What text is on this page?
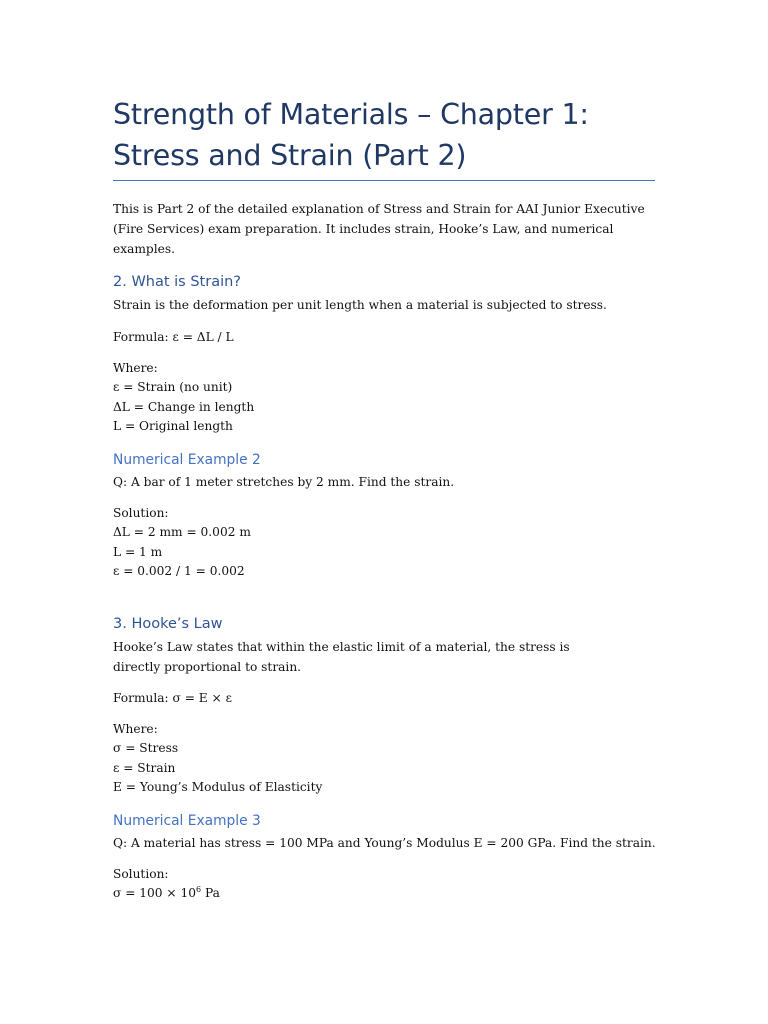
Strength of Materials – Chapter 1: Stress and Strain (Part 2)

This is Part 2 of the detailed explanation of Stress and Strain for AAI Junior Executive (Fire Services) exam preparation. It includes strain, Hooke’s Law, and numerical examples.

2. What is Strain?

Strain is the deformation per unit length when a material is subjected to stress.

Formula: ε = ΔL / L

Where:
ε = Strain (no unit)
ΔL = Change in length
L = Original length
Numerical Example 2

Q: A bar of 1 meter stretches by 2 mm. Find the strain.

Solution:
ΔL = 2 mm = 0.002 m
L = 1 m
ε = 0.002 / 1 = 0.002
3. Hooke’s Law

Hooke’s Law states that within the elastic limit of a material, the stress is directly proportional to strain.

Formula: σ = E × ε

Where:
σ = Stress
ε = Strain
E = Young’s Modulus of Elasticity
Numerical Example 3

Q: A material has stress = 100 MPa and Young’s Modulus E = 200 GPa. Find the strain.

Solution:
$\sigma = 100 \times 10^6$ Pa
